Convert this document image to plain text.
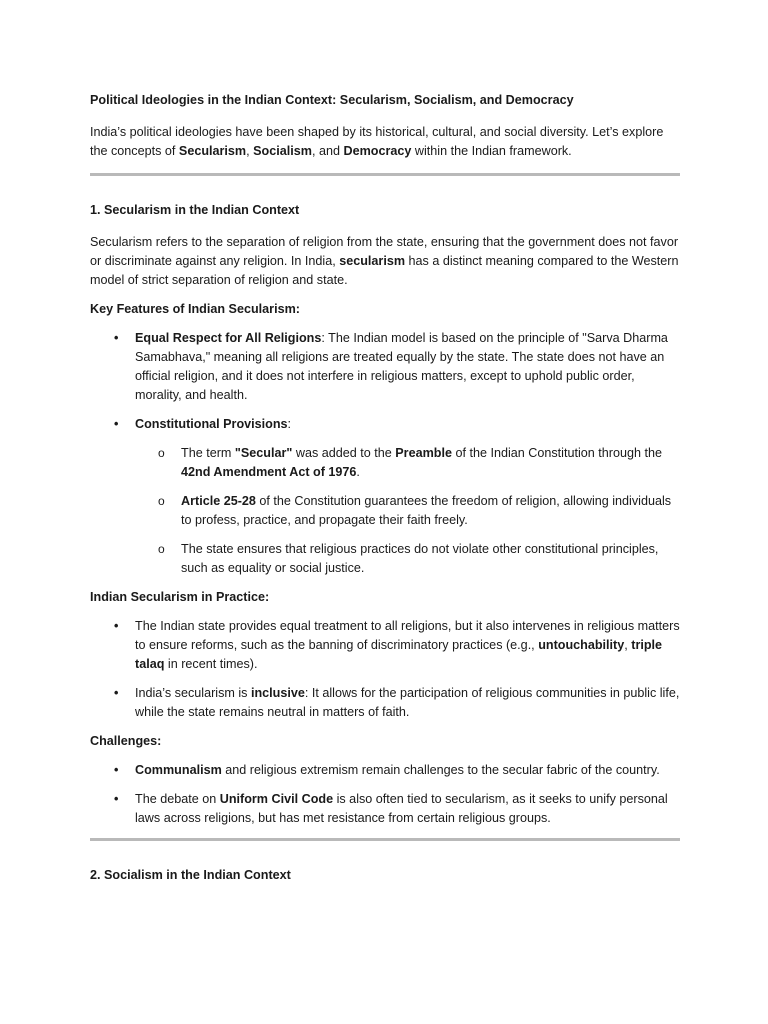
Political Ideologies in the Indian Context: Secularism, Socialism, and Democracy

India’s political ideologies have been shaped by its historical, cultural, and social diversity. Let’s explore the concepts of Secularism, Socialism, and Democracy within the Indian framework.

1. Secularism in the Indian Context

Secularism refers to the separation of religion from the state, ensuring that the government does not favor or discriminate against any religion. In India, secularism has a distinct meaning compared to the Western model of strict separation of religion and state.

Key Features of Indian Secularism:
• Equal Respect for All Religions: The Indian model is based on the principle of "Sarva Dharma Samabhava," meaning all religions are treated equally by the state. The state does not have an official religion, and it does not interfere in religious matters, except to uphold public order, morality, and health.
• Constitutional Provisions:
o The term "Secular" was added to the Preamble of the Indian Constitution through the 42nd Amendment Act of 1976.
o Article 25-28 of the Constitution guarantees the freedom of religion, allowing individuals to profess, practice, and propagate their faith freely.
o The state ensures that religious practices do not violate other constitutional principles, such as equality or social justice.
Indian Secularism in Practice:
• The Indian state provides equal treatment to all religions, but it also intervenes in religious matters to ensure reforms, such as the banning of discriminatory practices (e.g., untouchability, triple talaq in recent times).
• India’s secularism is inclusive: It allows for the participation of religious communities in public life, while the state remains neutral in matters of faith.
Challenges:
• Communalism and religious extremism remain challenges to the secular fabric of the country.
• The debate on Uniform Civil Code is also often tied to secularism, as it seeks to unify personal laws across religions, but has met resistance from certain religious groups.
2. Socialism in the Indian Context
